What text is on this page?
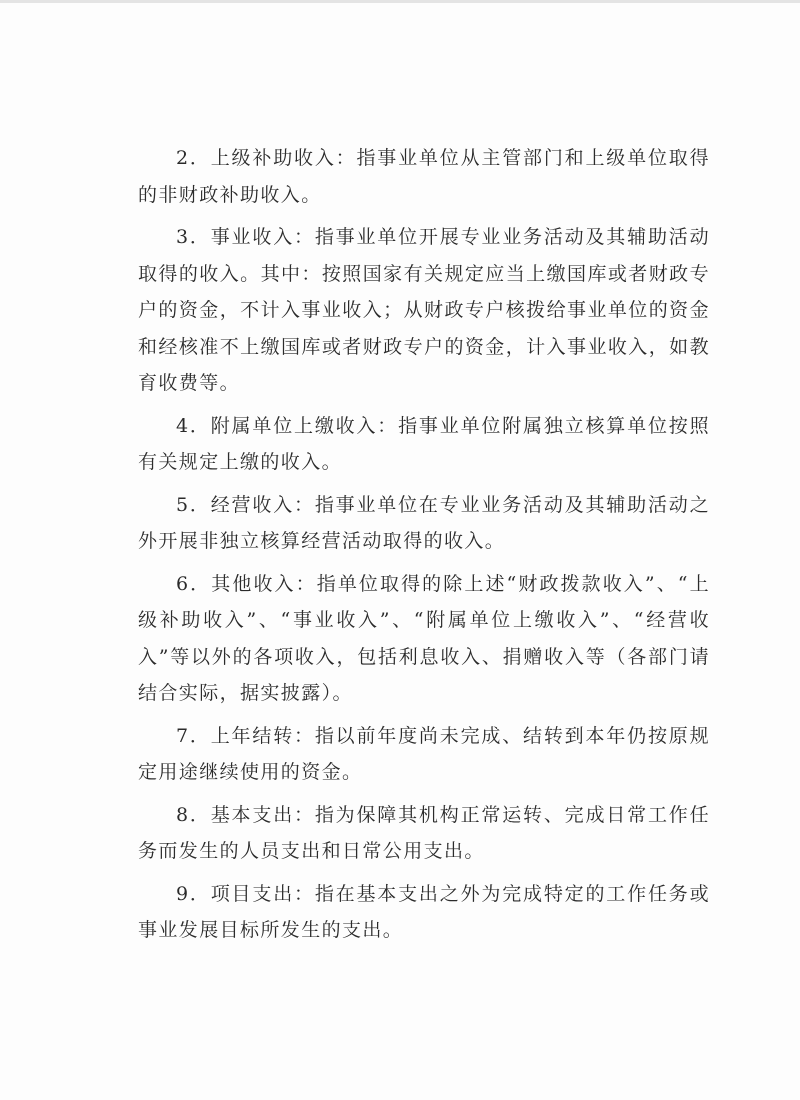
2．上级补助收入：指事业单位从主管部门和上级单位取得的非财政补助收入。

3．事业收入：指事业单位开展专业业务活动及其辅助活动取得的收入。其中：按照国家有关规定应当上缴国库或者财政专户的资金，不计入事业收入；从财政专户核拨给事业单位的资金和经核准不上缴国库或者财政专户的资金，计入事业收入，如教育收费等。

4．附属单位上缴收入：指事业单位附属独立核算单位按照有关规定上缴的收入。

5．经营收入：指事业单位在专业业务活动及其辅助活动之外开展非独立核算经营活动取得的收入。

6．其他收入：指单位取得的除上述“财政拨款收入”、“上级补助收入”、“事业收入”、“附属单位上缴收入”、“经营收入”等以外的各项收入，包括利息收入、捐赠收入等（各部门请结合实际，据实披露）。

7．上年结转：指以前年度尚未完成、结转到本年仍按原规定用途继续使用的资金。

8．基本支出：指为保障其机构正常运转、完成日常工作任务而发生的人员支出和日常公用支出。

9．项目支出：指在基本支出之外为完成特定的工作任务或事业发展目标所发生的支出。
